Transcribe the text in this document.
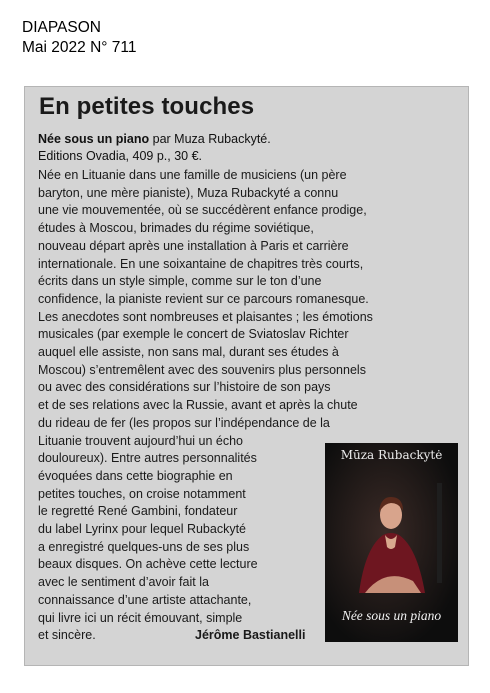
DIAPASON
Mai 2022 N° 711
En petites touches
Née sous un piano par Muza Rubackyté.
Editions Ovadia, 409 p., 30 €.
Née en Lituanie dans une famille de musiciens (un père
baryton, une mère pianiste), Muza Rubackyté a connu
une vie mouvementée, où se succédèrent enfance prodige,
études à Moscou, brimades du régime soviétique,
nouveau départ après une installation à Paris et carrière
internationale. En une soixantaine de chapitres très courts,
écrits dans un style simple, comme sur le ton d’une
confidence, la pianiste revient sur ce parcours romanesque.
Les anecdotes sont nombreuses et plaisantes ; les émotions
musicales (par exemple le concert de Sviatoslav Richter
auquel elle assiste, non sans mal, durant ses études à
Moscou) s’entremêlent avec des souvenirs plus personnels
ou avec des considérations sur l’histoire de son pays
et de ses relations avec la Russie, avant et après la chute
du rideau de fer (les propos sur l’indépendance de la
Lituanie trouvent aujourd’hui un écho
douloureux). Entre autres personnalités
évoquées dans cette biographie en
petites touches, on croise notamment
le regretté René Gambini, fondateur
du label Lyrinx pour lequel Rubackyté
a enregistré quelques-uns de ses plus
beaux disques. On achève cette lecture
avec le sentiment d’avoir fait la
connaissance d’une artiste attachante,
qui livre ici un récit émouvant, simple
et sincère.	Jérôme Bastianelli
Mūza Rubackytė
Née sous un piano
